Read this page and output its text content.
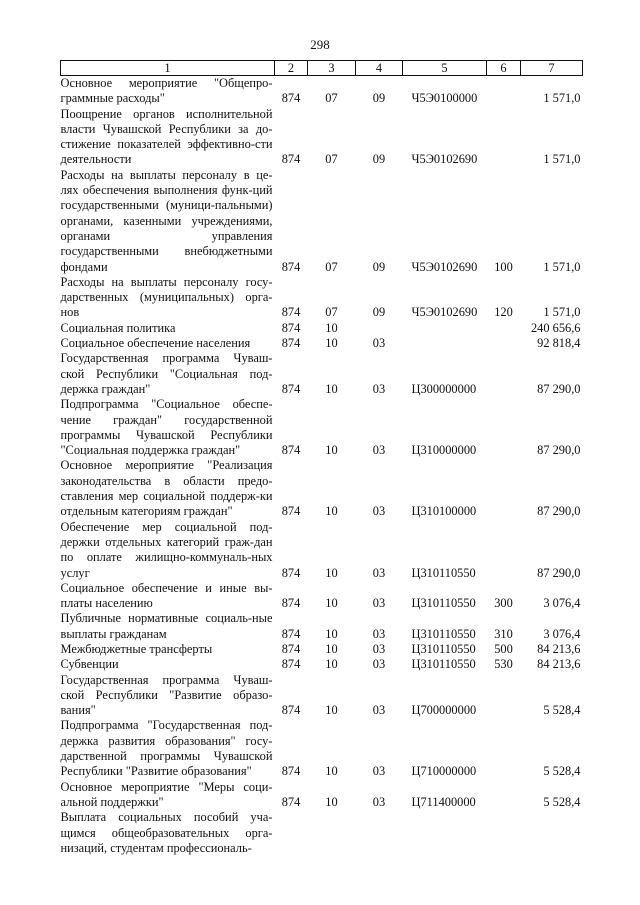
298
1	2	3	4	5	6	7
Основное мероприятие "Общепро-граммные расходы"	874	07	09	Ч5Э0100000		1 571,0
Поощрение органов исполнительной власти Чувашской Республики за до-стижение показателей эффективно-сти деятельности	874	07	09	Ч5Э0102690		1 571,0
Расходы на выплаты персоналу в це-лях обеспечения выполнения функ-ций государственными (муници-пальными) органами, казенными учреждениями, органами управления государственными внебюджетными фондами	874	07	09	Ч5Э0102690	100	1 571,0
Расходы на выплаты персоналу госу-дарственных (муниципальных) орга-нов	874	07	09	Ч5Э0102690	120	1 571,0
Социальная политика	874	10				240 656,6
Социальное обеспечение населения	874	10	03			92 818,4
Государственная программа Чуваш-ской Республики "Социальная под-держка граждан"	874	10	03	Ц300000000		87 290,0
Подпрограмма "Социальное обеспе-чение граждан" государственной программы Чувашской Республики "Социальная поддержка граждан"	874	10	03	Ц310000000		87 290,0
Основное мероприятие "Реализация законодательства в области предо-ставления мер социальной поддерж-ки отдельным категориям граждан"	874	10	03	Ц310100000		87 290,0
Обеспечение мер социальной под-держки отдельных категорий граж-дан по оплате жилищно-коммуналь-ных услуг	874	10	03	Ц310110550		87 290,0
Социальное обеспечение и иные вы-платы населению	874	10	03	Ц310110550	300	3 076,4
Публичные нормативные социаль-ные выплаты гражданам	874	10	03	Ц310110550	310	3 076,4
Межбюджетные трансферты	874	10	03	Ц310110550	500	84 213,6
Субвенции	874	10	03	Ц310110550	530	84 213,6
Государственная программа Чуваш-ской Республики "Развитие образо-вания"	874	10	03	Ц700000000		5 528,4
Подпрограмма "Государственная под-держка развития образования" госу-дарственной программы Чувашской Республики "Развитие образования"	874	10	03	Ц710000000		5 528,4
Основное мероприятие "Меры соци-альной поддержки"	874	10	03	Ц711400000		5 528,4
Выплата социальных пособий уча-щимся общеобразовательных орга-низаций, студентам профессиональ-						
